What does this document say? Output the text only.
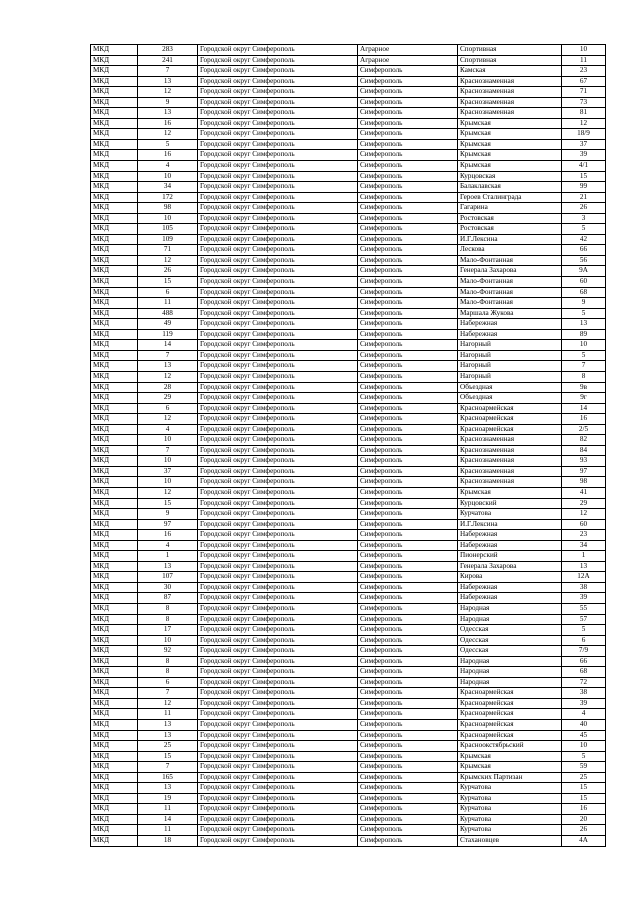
МКД	283	Городской округ Симферополь	Аграрное	Спортивная	10
МКД	241	Городской округ Симферополь	Аграрное	Спортивная	11
МКД	7	Городской округ Симферополь	Симферополь	Камская	23
МКД	13	Городской округ Симферополь	Симферополь	Краснознаменная	67
МКД	12	Городской округ Симферополь	Симферополь	Краснознаменная	71
МКД	9	Городской округ Симферополь	Симферополь	Краснознаменная	73
МКД	13	Городской округ Симферополь	Симферополь	Краснознаменная	81
МКД	16	Городской округ Симферополь	Симферополь	Крымская	12
МКД	12	Городской округ Симферополь	Симферополь	Крымская	18/9
МКД	5	Городской округ Симферополь	Симферополь	Крымская	37
МКД	16	Городской округ Симферополь	Симферополь	Крымская	39
МКД	4	Городской округ Симферополь	Симферополь	Крымская	4/1
МКД	10	Городской округ Симферополь	Симферополь	Курцовская	15
МКД	34	Городской округ Симферополь	Симферополь	Балаклавская	99
МКД	172	Городской округ Симферополь	Симферополь	Героев Сталинграда	21
МКД	98	Городской округ Симферополь	Симферополь	Гагарина	26
МКД	10	Городской округ Симферополь	Симферополь	Ростовская	3
МКД	105	Городской округ Симферополь	Симферополь	Ростовская	5
МКД	109	Городской округ Симферополь	Симферополь	И.Г.Лексина	42
МКД	71	Городской округ Симферополь	Симферополь	Лескова	66
МКД	12	Городской округ Симферополь	Симферополь	Мало-Фонтанная	56
МКД	26	Городской округ Симферополь	Симферополь	Генерала Захарова	9А
МКД	15	Городской округ Симферополь	Симферополь	Мало-Фонтанная	60
МКД	6	Городской округ Симферополь	Симферополь	Мало-Фонтанная	68
МКД	11	Городской округ Симферополь	Симферополь	Мало-Фонтанная	9
МКД	488	Городской округ Симферополь	Симферополь	Маршала Жукова	5
МКД	49	Городской округ Симферополь	Симферополь	Набережная	13
МКД	119	Городской округ Симферополь	Симферополь	Набережная	89
МКД	14	Городской округ Симферополь	Симферополь	Нагорный	10
МКД	7	Городской округ Симферополь	Симферополь	Нагорный	5
МКД	13	Городской округ Симферополь	Симферополь	Нагорный	7
МКД	12	Городской округ Симферополь	Симферополь	Нагорный	8
МКД	28	Городской округ Симферополь	Симферополь	Объездная	9в
МКД	29	Городской округ Симферополь	Симферополь	Объездная	9г
МКД	6	Городской округ Симферополь	Симферополь	Красноармейская	14
МКД	12	Городской округ Симферополь	Симферополь	Красноармейская	16
МКД	4	Городской округ Симферополь	Симферополь	Красноармейская	2/5
МКД	10	Городской округ Симферополь	Симферополь	Краснознаменная	82
МКД	7	Городской округ Симферополь	Симферополь	Краснознаменная	84
МКД	10	Городской округ Симферополь	Симферополь	Краснознаменная	93
МКД	37	Городской округ Симферополь	Симферополь	Краснознаменная	97
МКД	10	Городской округ Симферополь	Симферополь	Краснознаменная	98
МКД	12	Городской округ Симферополь	Симферополь	Крымская	41
МКД	15	Городской округ Симферополь	Симферополь	Курцовский	29
МКД	9	Городской округ Симферополь	Симферополь	Курчатова	12
МКД	97	Городской округ Симферополь	Симферополь	И.Г.Лексина	60
МКД	16	Городской округ Симферополь	Симферополь	Набережная	23
МКД	4	Городской округ Симферополь	Симферополь	Набережная	34
МКД	1	Городской округ Симферополь	Симферополь	Пионерский	1
МКД	13	Городской округ Симферополь	Симферополь	Генерала Захарова	13
МКД	107	Городской округ Симферополь	Симферополь	Кирова	12А
МКД	30	Городской округ Симферополь	Симферополь	Набережная	38
МКД	87	Городской округ Симферополь	Симферополь	Набережная	39
МКД	8	Городской округ Симферополь	Симферополь	Народная	55
МКД	8	Городской округ Симферополь	Симферополь	Народная	57
МКД	17	Городской округ Симферополь	Симферополь	Одесская	5
МКД	10	Городской округ Симферополь	Симферополь	Одесская	6
МКД	92	Городской округ Симферополь	Симферополь	Одесская	7/9
МКД	8	Городской округ Симферополь	Симферополь	Народная	66
МКД	8	Городской округ Симферополь	Симферополь	Народная	68
МКД	6	Городской округ Симферополь	Симферополь	Народная	72
МКД	7	Городской округ Симферополь	Симферополь	Красноармейская	38
МКД	12	Городской округ Симферополь	Симферополь	Красноармейская	39
МКД	11	Городской округ Симферополь	Симферополь	Красноармейская	4
МКД	13	Городской округ Симферополь	Симферополь	Красноармейская	40
МКД	13	Городской округ Симферополь	Симферополь	Красноармейская	45
МКД	25	Городской округ Симферополь	Симферополь	Красноокстябрьский	10
МКД	15	Городской округ Симферополь	Симферополь	Крымская	5
МКД	7	Городской округ Симферополь	Симферополь	Крымская	59
МКД	165	Городской округ Симферополь	Симферополь	Крымских Партизан	25
МКД	13	Городской округ Симферополь	Симферополь	Курчатова	15
МКД	19	Городской округ Симферополь	Симферополь	Курчатова	15
МКД	11	Городской округ Симферополь	Симферополь	Курчатова	16
МКД	14	Городской округ Симферополь	Симферополь	Курчатова	20
МКД	11	Городской округ Симферополь	Симферополь	Курчатова	26
МКД	18	Городской округ Симферополь	Симферополь	Стахановцев	4А
